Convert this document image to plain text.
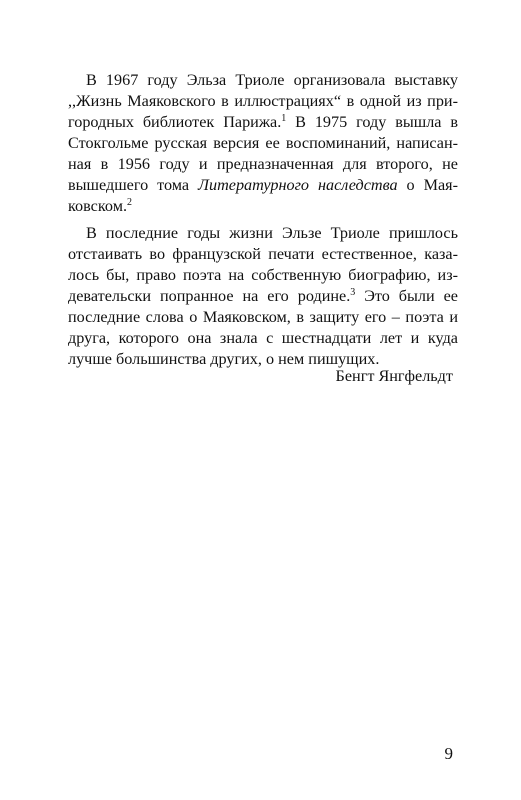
В 1967 году Эльза Триоле организовала выставку
,,Жизнь Маяковского в иллюстрациях“ в одной из при-
городных библиотек Парижа.$^1$ В 1975 году вышла в
Стокгольме русская версия ее воспоминаний, написан-
ная в 1956 году и предназначенная для второго, не
вышедшего тома Литературного наследства о Мая-
ковском.$^2$
В последние годы жизни Эльзе Триоле пришлось
отстаивать во французской печати естественное, каза-
лось бы, право поэта на собственную биографию, из-
девательски попранное на его родине.$^3$ Это были ее
последние слова о Маяковском, в защиту его – поэта и
друга, которого она знала с шестнадцати лет и куда
лучше большинства других, о нем пишущих.
Бенгт Янгфельдт
9
